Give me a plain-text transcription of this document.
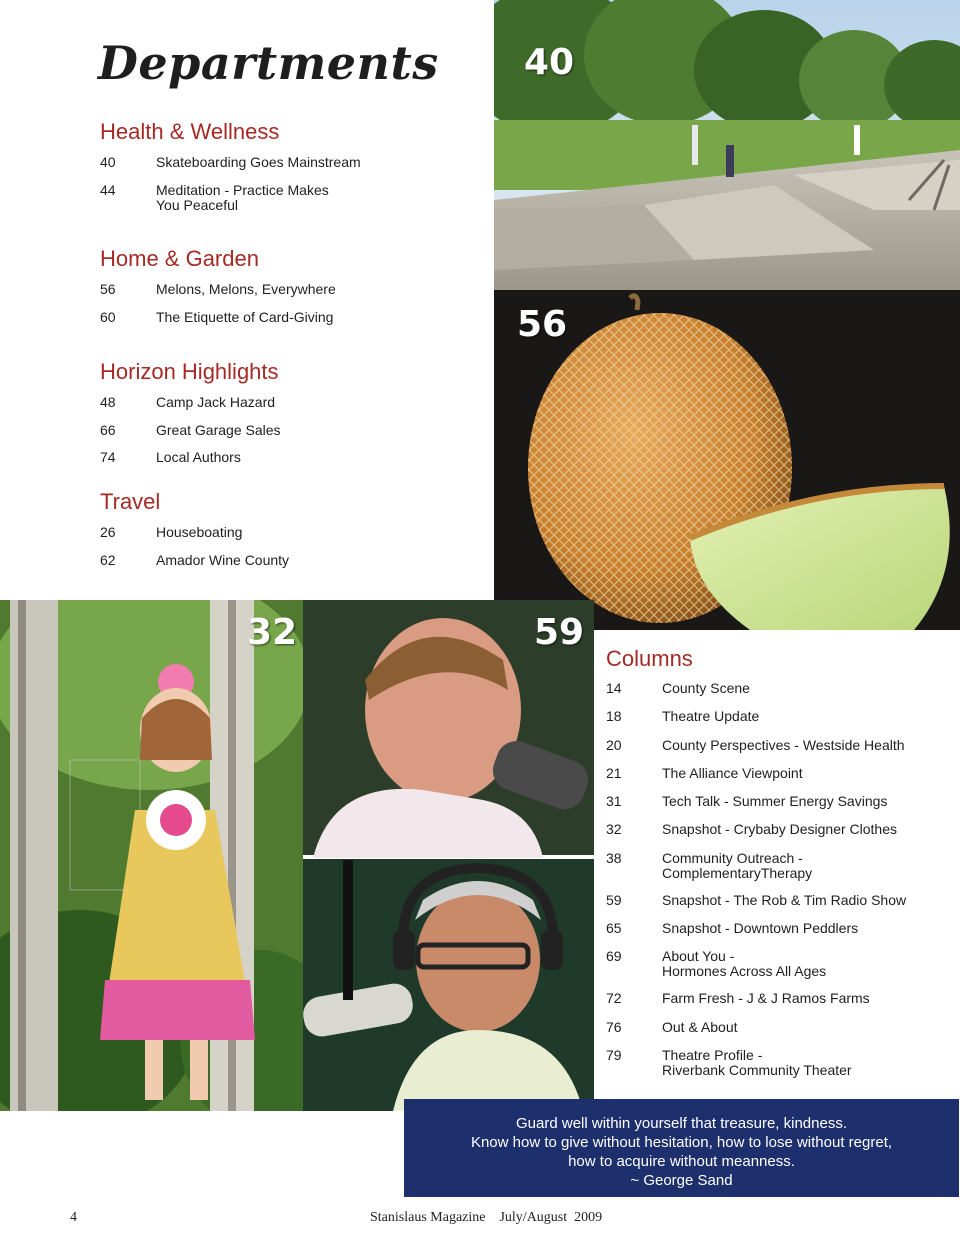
Departments
Health & Wellness
40	Skateboarding Goes Mainstream
44	Meditation - Practice Makes
You Peaceful
Home & Garden
56	Melons, Melons, Everywhere
60	The Etiquette of Card-Giving
Horizon Highlights
48	Camp Jack Hazard
66	Great Garage Sales
74	Local Authors
Travel
26	Houseboating
62	Amador Wine County
40
56
32	59
Columns
14	County Scene
18	Theatre Update
20	County Perspectives - Westside Health
21	The Alliance Viewpoint
31	Tech Talk - Summer Energy Savings
32	Snapshot - Crybaby Designer Clothes
38	Community Outreach -
ComplementaryTherapy
59	Snapshot - The Rob & Tim Radio Show
65	Snapshot - Downtown Peddlers
69	About You -
Hormones Across All Ages
72	Farm Fresh - J & J Ramos Farms
76	Out & About
79	Theatre Profile -
Riverbank Community Theater
Guard well within yourself that treasure, kindness.
Know how to give without hesitation, how to lose without regret,
how to acquire without meanness.
~ George Sand
4	Stanislaus Magazine    July/August  2009
